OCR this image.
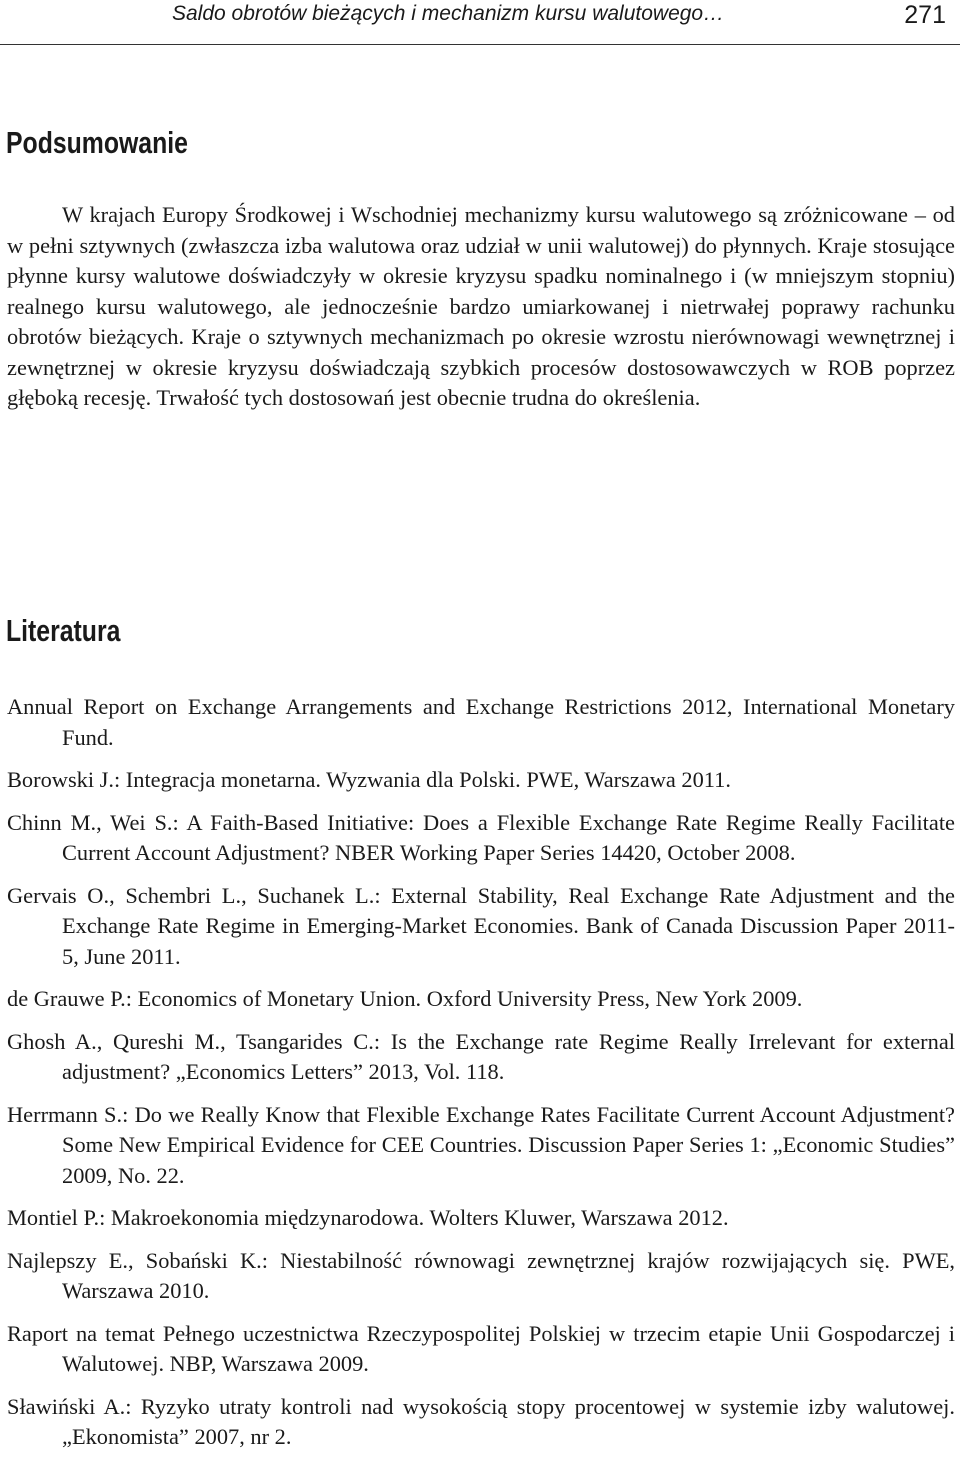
Saldo obrotów bieżących i mechanizm kursu walutowego…	271
Podsumowanie

W krajach Europy Środkowej i Wschodniej mechanizmy kursu walutowego są zróżnicowane – od w pełni sztywnych (zwłaszcza izba walutowa oraz udział w unii walutowej) do płynnych. Kraje stosujące płynne kursy walutowe doświadczyły w okresie kryzysu spadku nominalnego i (w mniejszym stopniu) realnego kursu walutowego, ale jednocześnie bardzo umiarkowanej i nietrwałej poprawy rachunku obrotów bieżących. Kraje o sztywnych mechanizmach po okresie wzrostu nierównowagi wewnętrznej i zewnętrznej w okresie kryzysu doświadczają szybkich procesów dostosowawczych w ROB poprzez głęboką recesję. Trwałość tych dostosowań jest obecnie trudna do określenia.

Literatura
Annual Report on Exchange Arrangements and Exchange Restrictions 2012, International Monetary Fund.
Borowski J.: Integracja monetarna. Wyzwania dla Polski. PWE, Warszawa 2011.
Chinn M., Wei S.: A Faith-Based Initiative: Does a Flexible Exchange Rate Regime Really Facilitate Current Account Adjustment? NBER Working Paper Series 14420, October 2008.
Gervais O., Schembri L., Suchanek L.: External Stability, Real Exchange Rate Adjustment and the Exchange Rate Regime in Emerging-Market Economies. Bank of Canada Discussion Paper 2011-5, June 2011.
de Grauwe P.: Economics of Monetary Union. Oxford University Press, New York 2009.
Ghosh A., Qureshi M., Tsangarides C.: Is the Exchange rate Regime Really Irrelevant for external adjustment? „Economics Letters” 2013, Vol. 118.
Herrmann S.: Do we Really Know that Flexible Exchange Rates Facilitate Current Account Adjustment? Some New Empirical Evidence for CEE Countries. Discussion Paper Series 1: „Economic Studies” 2009, No. 22.
Montiel P.: Makroekonomia międzynarodowa. Wolters Kluwer, Warszawa 2012.
Najlepszy E., Sobański K.: Niestabilność równowagi zewnętrznej krajów rozwijających się. PWE, Warszawa 2010.
Raport na temat Pełnego uczestnictwa Rzeczypospolitej Polskiej w trzecim etapie Unii Gospodarczej i Walutowej. NBP, Warszawa 2009.
Sławiński A.: Ryzyko utraty kontroli nad wysokością stopy procentowej w systemie izby walutowej. „Ekonomista” 2007, nr 2.
